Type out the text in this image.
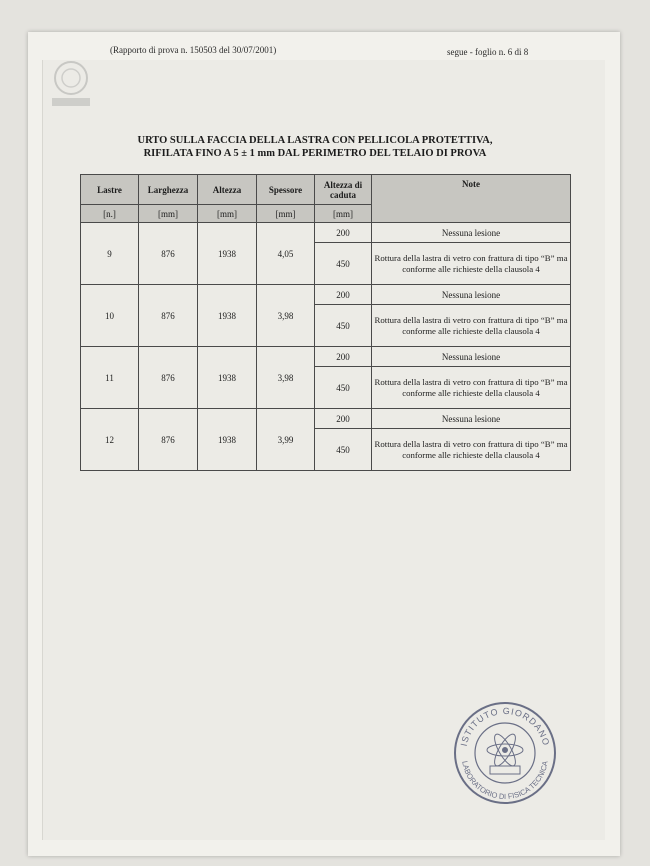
(Rapporto di prova n. 150503 del 30/07/2001)	segue - foglio n. 6 di 8
URTO SULLA FACCIA DELLA LASTRA CON PELLICOLA PROTETTIVA,
RIFILATA FINO A 5 ± 1 mm DAL PERIMETRO DEL TELAIO DI PROVA
Lastre	Larghezza	Altezza	Spessore	Altezza di caduta	Note
[n.]	[mm]	[mm]	[mm]	[mm]	
9	876	1938	4,05	200	Nessuna lesione
				450	Rottura della lastra di vetro con frattura di tipo “B” ma conforme alle richieste della clausola 4
10	876	1938	3,98	200	Nessuna lesione
				450	Rottura della lastra di vetro con frattura di tipo “B” ma conforme alle richieste della clausola 4
11	876	1938	3,98	200	Nessuna lesione
				450	Rottura della lastra di vetro con frattura di tipo “B” ma conforme alle richieste della clausola 4
12	876	1938	3,99	200	Nessuna lesione
				450	Rottura della lastra di vetro con frattura di tipo “B” ma conforme alle richieste della clausola 4
ISTITUTO GIORDANO
LABORATORIO DI FISICA TECNICA
